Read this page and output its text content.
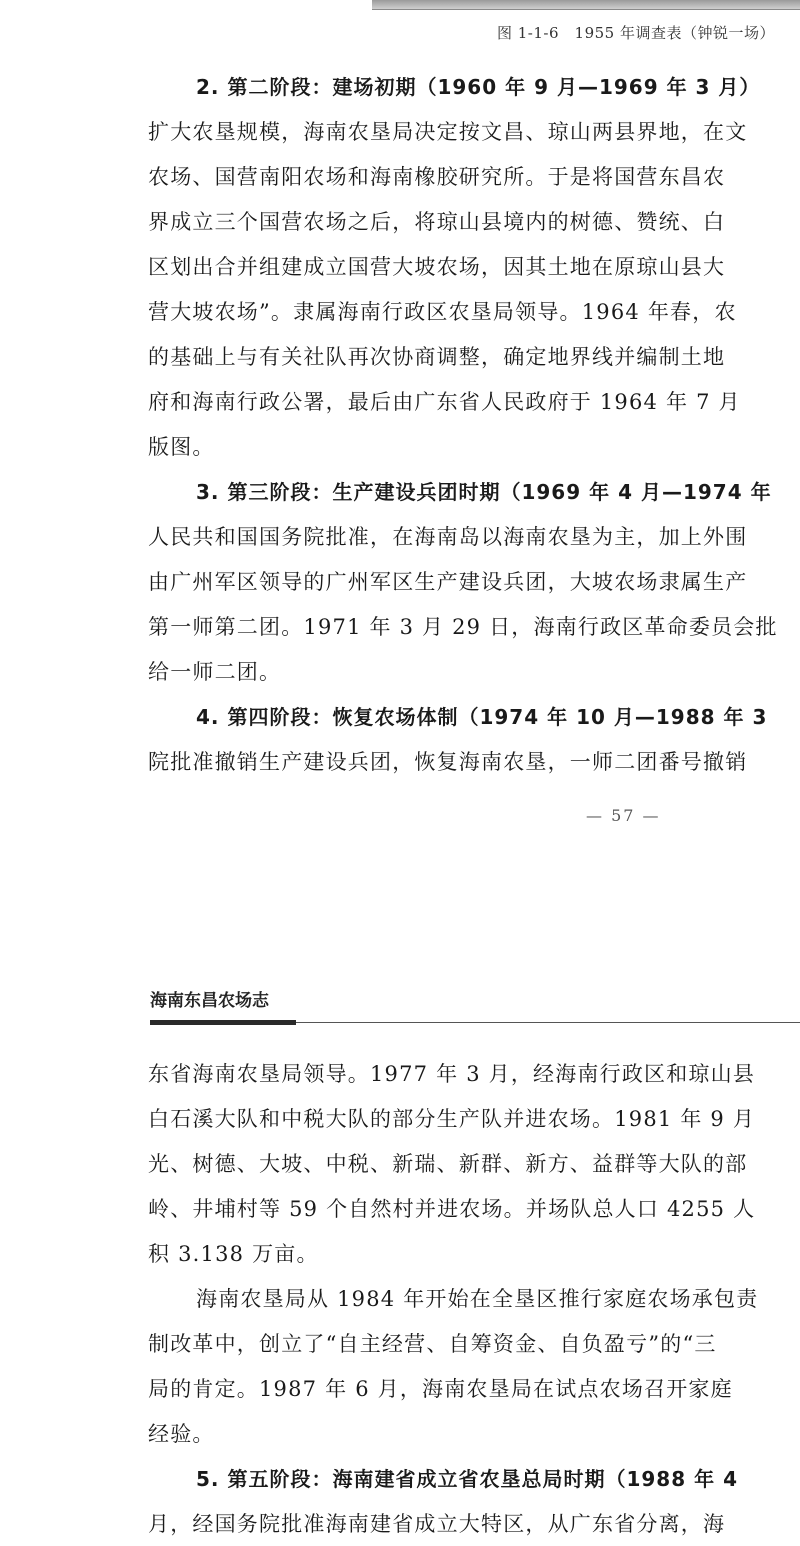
图 1-1-6　1955 年调查表（钟锐一场）
2. 第二阶段：建场初期（1960 年 9 月—1969 年 3 月）
扩大农垦规模，海南农垦局决定按文昌、琼山两县界地，在文
农场、国营南阳农场和海南橡胶研究所。于是将国营东昌农
界成立三个国营农场之后，将琼山县境内的树德、赞统、白
区划出合并组建成立国营大坡农场，因其土地在原琼山县大
营大坡农场”。隶属海南行政区农垦局领导。1964 年春，农
的基础上与有关社队再次协商调整，确定地界线并编制土地
府和海南行政公署，最后由广东省人民政府于 1964 年 7 月
版图。
3. 第三阶段：生产建设兵团时期（1969 年 4 月—1974 年
人民共和国国务院批准，在海南岛以海南农垦为主，加上外围
由广州军区领导的广州军区生产建设兵团，大坡农场隶属生产
第一师第二团。1971 年 3 月 29 日，海南行政区革命委员会批
给一师二团。
4. 第四阶段：恢复农场体制（1974 年 10 月—1988 年 3
院批准撤销生产建设兵团，恢复海南农垦，一师二团番号撤销
— 57 —
海南东昌农场志
东省海南农垦局领导。1977 年 3 月，经海南行政区和琼山县
白石溪大队和中税大队的部分生产队并进农场。1981 年 9 月
光、树德、大坡、中税、新瑞、新群、新方、益群等大队的部
岭、井埔村等 59 个自然村并进农场。并场队总人口 4255 人
积 3.138 万亩。
海南农垦局从 1984 年开始在全垦区推行家庭农场承包责
制改革中，创立了“自主经营、自筹资金、自负盈亏”的“三
局的肯定。1987 年 6 月，海南农垦局在试点农场召开家庭
经验。
5. 第五阶段：海南建省成立省农垦总局时期（1988 年 4
月，经国务院批准海南建省成立大特区，从广东省分离，海
